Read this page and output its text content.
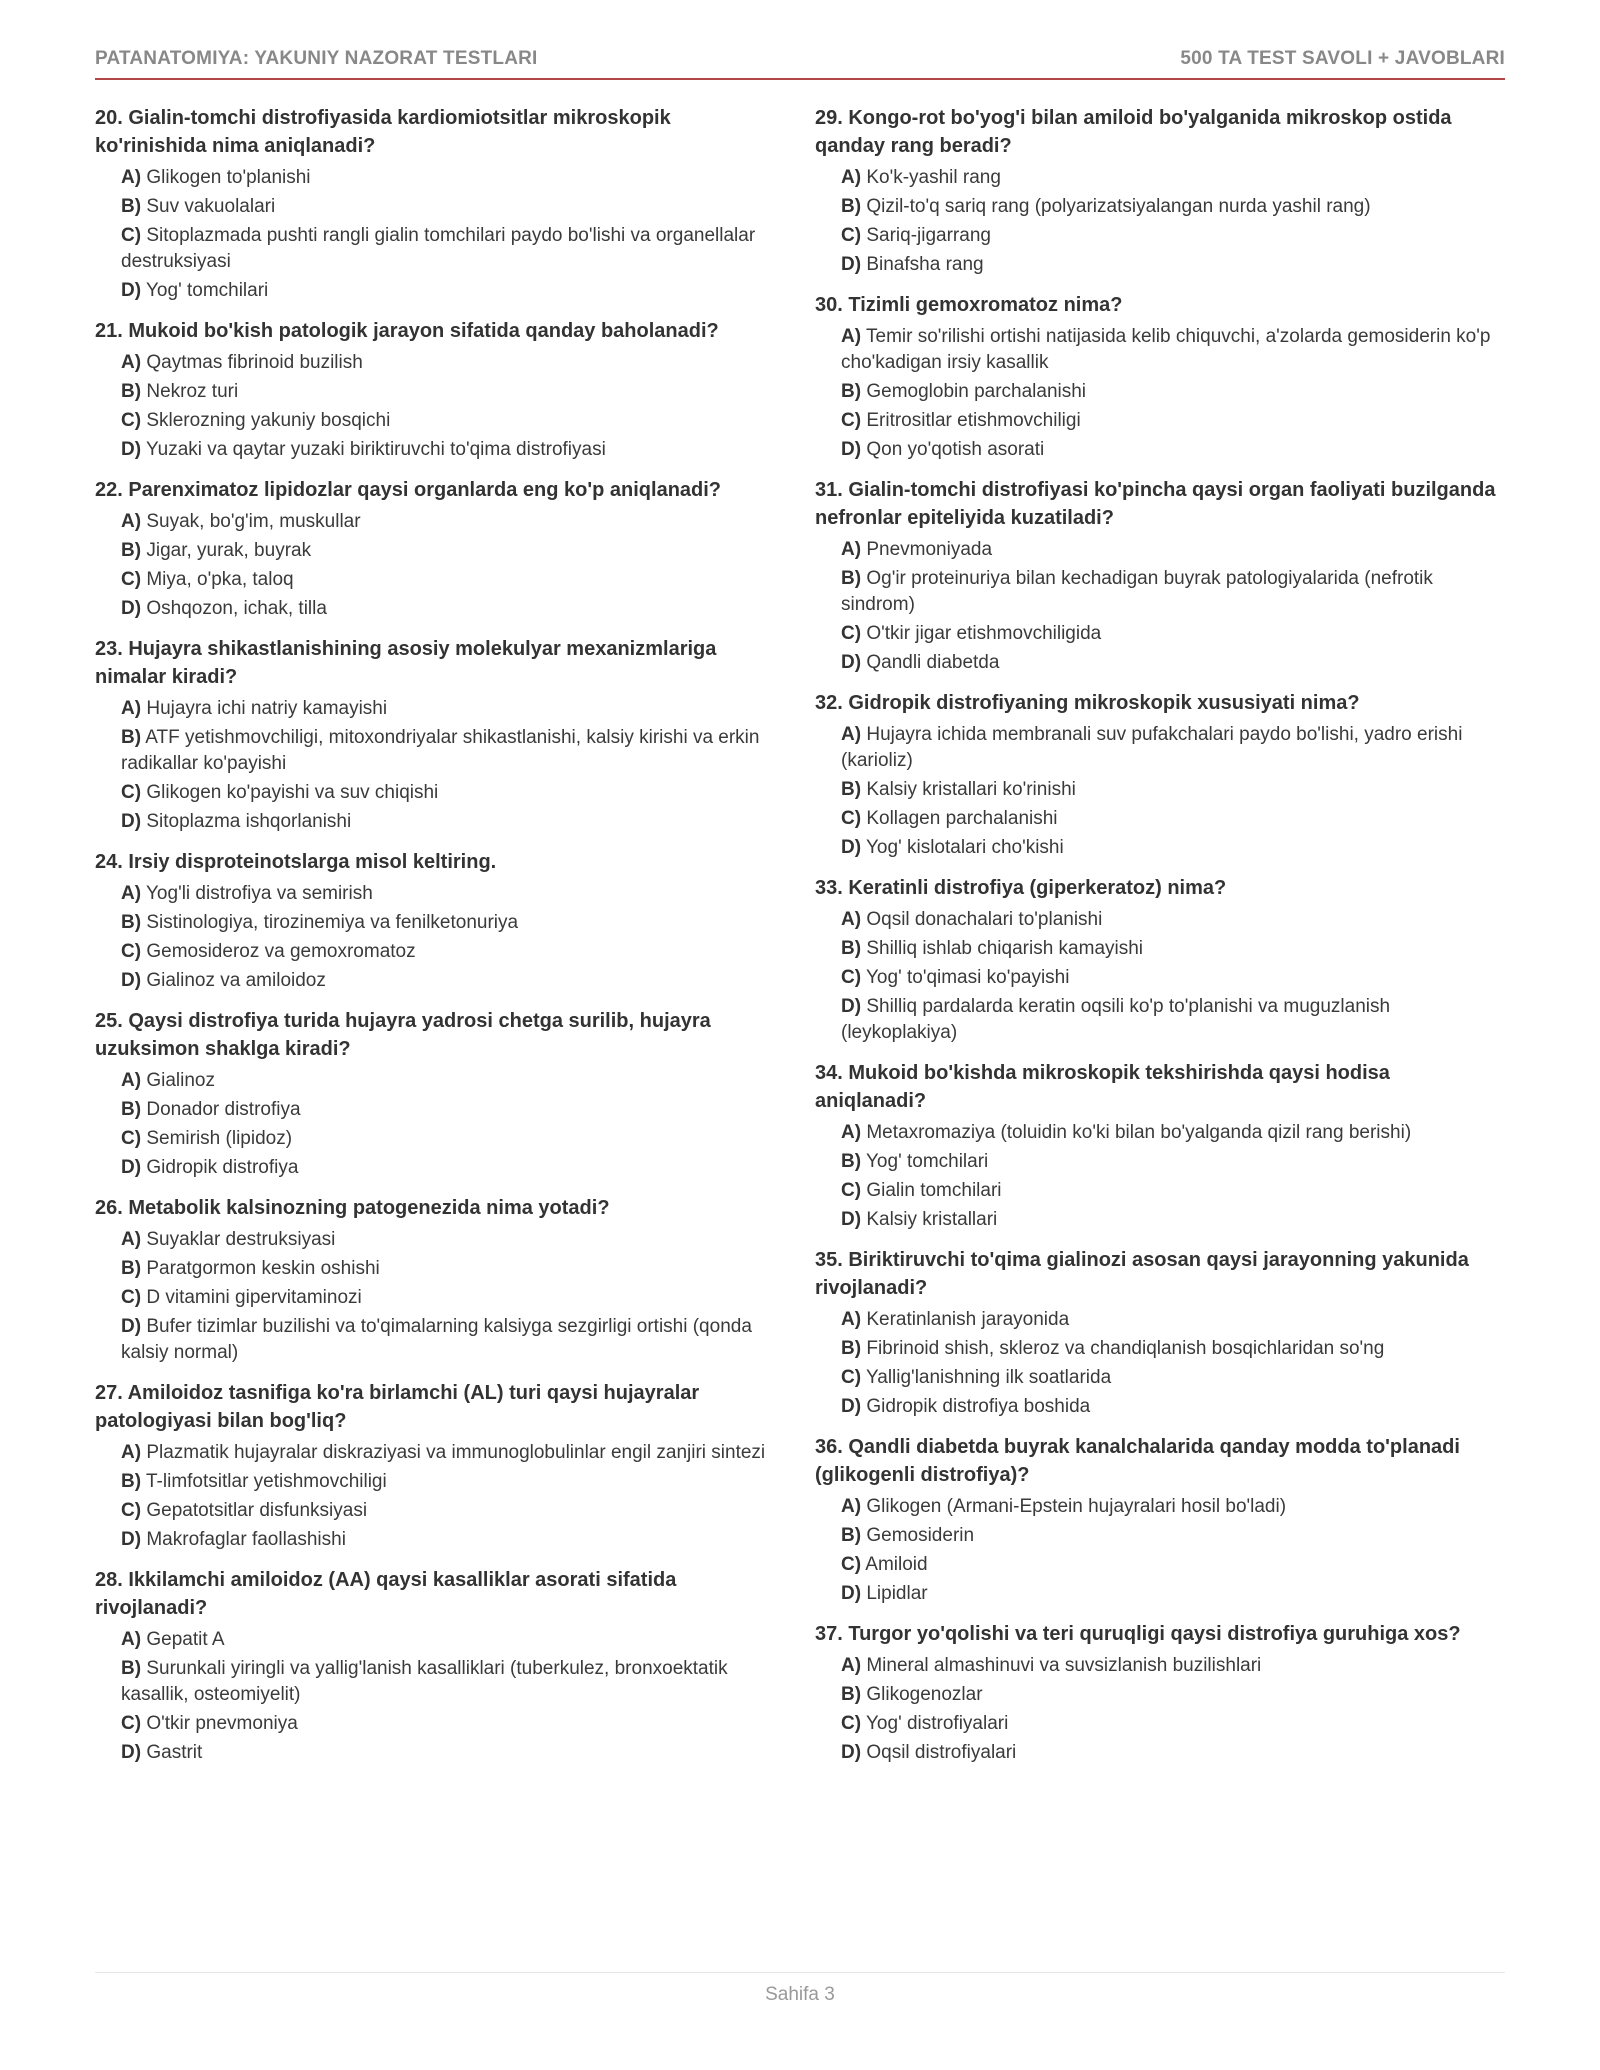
PATANATOMIYA: YAKUNIY NAZORAT TESTLARI	500 TA TEST SAVOLI + JAVOBLARI
20. Gialin-tomchi distrofiyasida kardiomiotsitlar mikroskopik ko'rinishida nima aniqlanadi?
A) Glikogen to'planishi
B) Suv vakuolalari
C) Sitoplazmada pushti rangli gialin tomchilari paydo bo'lishi va organellalar destruksiyasi
D) Yog' tomchilari
21. Mukoid bo'kish patologik jarayon sifatida qanday baholanadi?
A) Qaytmas fibrinoid buzilish
B) Nekroz turi
C) Sklerozning yakuniy bosqichi
D) Yuzaki va qaytar yuzaki biriktiruvchi to'qima distrofiyasi
22. Parenximatoz lipidozlar qaysi organlarda eng ko'p aniqlanadi?
A) Suyak, bo'g'im, muskullar
B) Jigar, yurak, buyrak
C) Miya, o'pka, taloq
D) Oshqozon, ichak, tilla
23. Hujayra shikastlanishining asosiy molekulyar mexanizmlariga nimalar kiradi?
A) Hujayra ichi natriy kamayishi
B) ATF yetishmovchiligi, mitoxondriyalar shikastlanishi, kalsiy kirishi va erkin radikallar ko'payishi
C) Glikogen ko'payishi va suv chiqishi
D) Sitoplazma ishqorlanishi
24. Irsiy disproteinotslarga misol keltiring.
A) Yog'li distrofiya va semirish
B) Sistinologiya, tirozinemiya va fenilketonuriya
C) Gemosideroz va gemoxromatoz
D) Gialinoz va amiloidoz
25. Qaysi distrofiya turida hujayra yadrosi chetga surilib, hujayra uzuksimon shaklga kiradi?
A) Gialinoz
B) Donador distrofiya
C) Semirish (lipidoz)
D) Gidropik distrofiya
26. Metabolik kalsinozning patogenezida nima yotadi?
A) Suyaklar destruksiyasi
B) Paratgormon keskin oshishi
C) D vitamini gipervitaminozi
D) Bufer tizimlar buzilishi va to'qimalarning kalsiyga sezgirligi ortishi (qonda kalsiy normal)
27. Amiloidoz tasnifiga ko'ra birlamchi (AL) turi qaysi hujayralar patologiyasi bilan bog'liq?
A) Plazmatik hujayralar diskraziyasi va immunoglobulinlar engil zanjiri sintezi
B) T-limfotsitlar yetishmovchiligi
C) Gepatotsitlar disfunksiyasi
D) Makrofaglar faollashishi
28. Ikkilamchi amiloidoz (AA) qaysi kasalliklar asorati sifatida rivojlanadi?
A) Gepatit A
B) Surunkali yiringli va yallig'lanish kasalliklari (tuberkulez, bronxoektatik kasallik, osteomiyelit)
C) O'tkir pnevmoniya
D) Gastrit
29. Kongo-rot bo'yog'i bilan amiloid bo'yalganida mikroskop ostida qanday rang beradi?
A) Ko'k-yashil rang
B) Qizil-to'q sariq rang (polyarizatsiyalangan nurda yashil rang)
C) Sariq-jigarrang
D) Binafsha rang
30. Tizimli gemoxromatoz nima?
A) Temir so'rilishi ortishi natijasida kelib chiquvchi, a'zolarda gemosiderin ko'p cho'kadigan irsiy kasallik
B) Gemoglobin parchalanishi
C) Eritrositlar etishmovchiligi
D) Qon yo'qotish asorati
31. Gialin-tomchi distrofiyasi ko'pincha qaysi organ faoliyati buzilganda nefronlar epiteliyida kuzatiladi?
A) Pnevmoniyada
B) Og'ir proteinuriya bilan kechadigan buyrak patologiyalarida (nefrotik sindrom)
C) O'tkir jigar etishmovchiligida
D) Qandli diabetda
32. Gidropik distrofiyaning mikroskopik xususiyati nima?
A) Hujayra ichida membranali suv pufakchalari paydo bo'lishi, yadro erishi (karioliz)
B) Kalsiy kristallari ko'rinishi
C) Kollagen parchalanishi
D) Yog' kislotalari cho'kishi
33. Keratinli distrofiya (giperkeratoz) nima?
A) Oqsil donachalari to'planishi
B) Shilliq ishlab chiqarish kamayishi
C) Yog' to'qimasi ko'payishi
D) Shilliq pardalarda keratin oqsili ko'p to'planishi va muguzlanish (leykoplakiya)
34. Mukoid bo'kishda mikroskopik tekshirishda qaysi hodisa aniqlanadi?
A) Metaxromaziya (toluidin ko'ki bilan bo'yalganda qizil rang berishi)
B) Yog' tomchilari
C) Gialin tomchilari
D) Kalsiy kristallari
35. Biriktiruvchi to'qima gialinozi asosan qaysi jarayonning yakunida rivojlanadi?
A) Keratinlanish jarayonida
B) Fibrinoid shish, skleroz va chandiqlanish bosqichlaridan so'ng
C) Yallig'lanishning ilk soatlarida
D) Gidropik distrofiya boshida
36. Qandli diabetda buyrak kanalchalarida qanday modda to'planadi (glikogenli distrofiya)?
A) Glikogen (Armani-Epstein hujayralari hosil bo'ladi)
B) Gemosiderin
C) Amiloid
D) Lipidlar
37. Turgor yo'qolishi va teri quruqligi qaysi distrofiya guruhiga xos?
A) Mineral almashinuvi va suvsizlanish buzilishlari
B) Glikogenozlar
C) Yog' distrofiyalari
D) Oqsil distrofiyalari
Sahifa 3
